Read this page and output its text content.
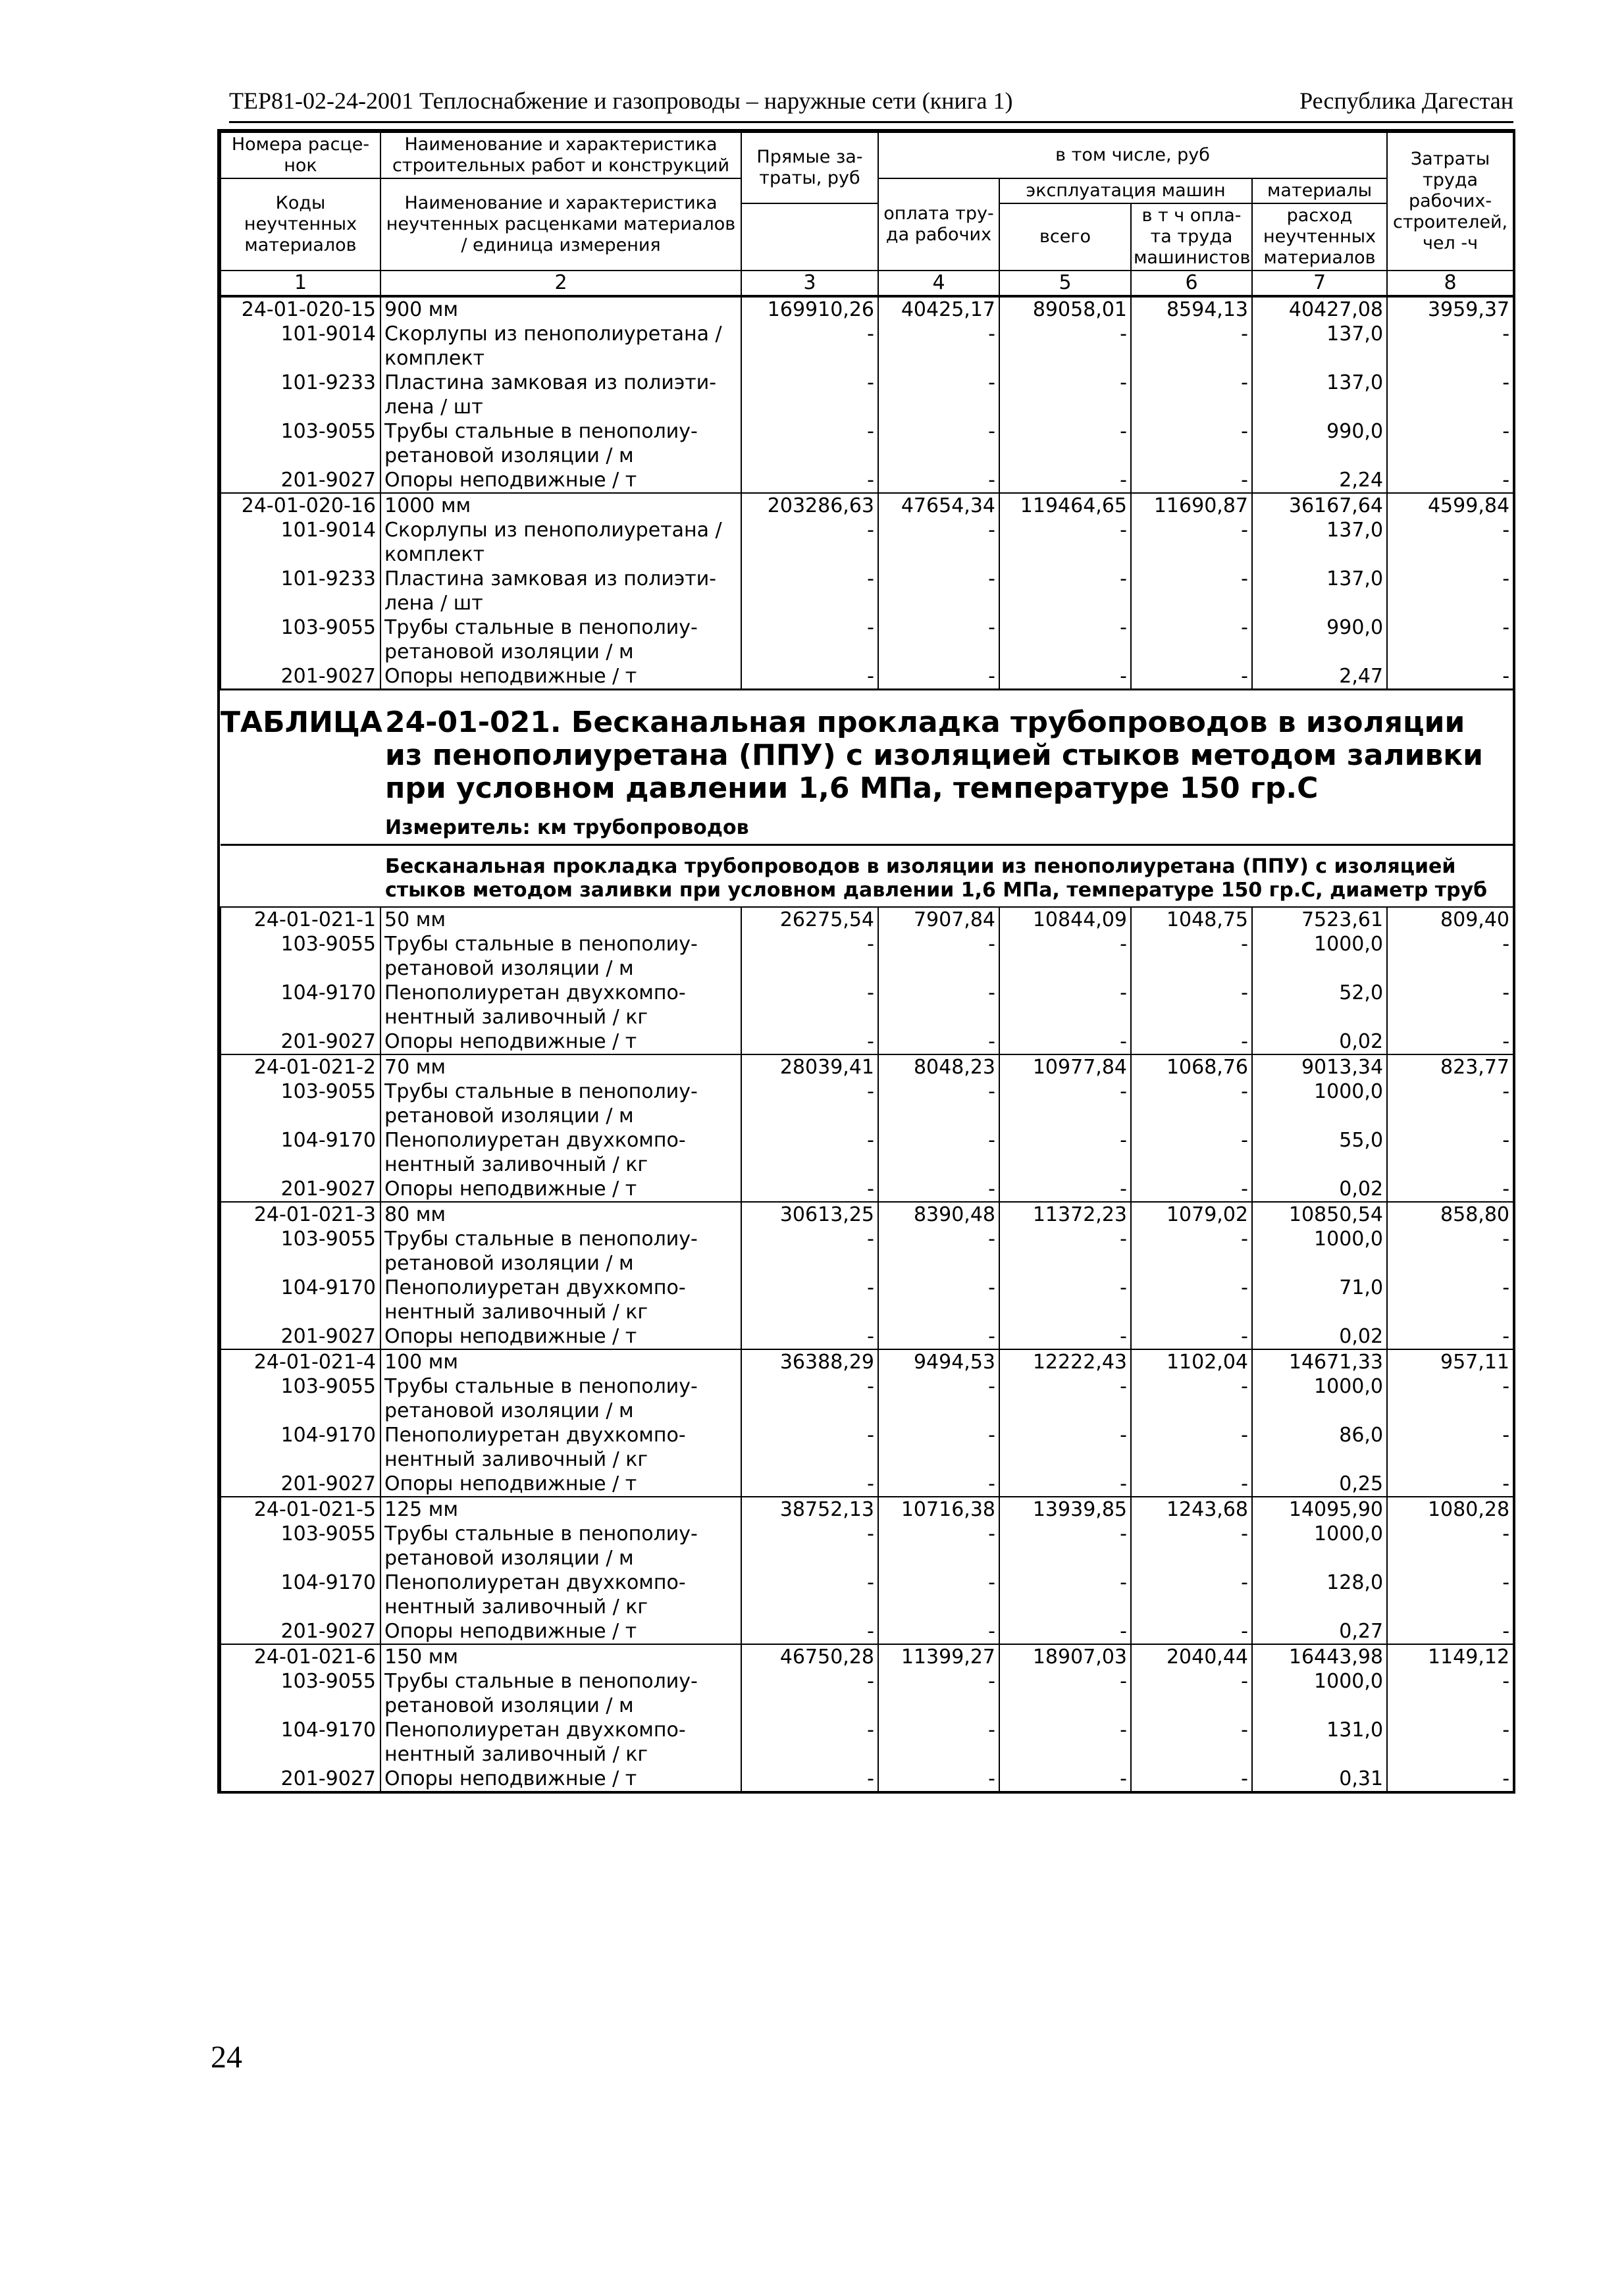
ТЕР81-02-24-2001 Теплоснабжение и газопроводы – наружные сети (книга 1)	Республика Дагестан
Номера расце-нок	Наименование и характеристика строительных работ и конструкций	Прямые за-траты, руб	в том числе, руб				Затраты труда рабочих-строителей, чел -ч
Коды неучтенных материалов	Наименование и характеристика неучтенных расценками материалов / единица измерения		оплата тру-да рабочих	эксплуатация машин		материалы	
				всего	в т ч опла-та труда машинистов	расход неучтенных материалов	

1	2	3	4	5	6	7	8
24-01-020-15	900 мм	169910,26	40425,17	89058,01	8594,13	40427,08	3959,37
101-9014	Скорлупы из пенополиуретана / комплект	-	-	-	-	137,0	-
101-9233	Пластина замковая из полиэти-лена / шт	-	-	-	-	137,0	-
103-9055	Трубы стальные в пенополиу-ретановой изоляции / м	-	-	-	-	990,0	-
201-9027	Опоры неподвижные / т	-	-	-	-	2,24	-
24-01-020-16	1000 мм	203286,63	47654,34	119464,65	11690,87	36167,64	4599,84
101-9014	Скорлупы из пенополиуретана / комплект	-	-	-	-	137,0	-
101-9233	Пластина замковая из полиэти-лена / шт	-	-	-	-	137,0	-
103-9055	Трубы стальные в пенополиу-ретановой изоляции / м	-	-	-	-	990,0	-
201-9027	Опоры неподвижные / т	-	-	-	-	2,47	-

ТАБЛИЦА 24-01-021. Бесканальная прокладка трубопроводов в изоляции из пенополиуретана (ППУ) с изоляцией стыков методом заливки при условном давлении 1,6 МПа, температуре 150 гр.С
Измеритель: км трубопроводов							

Бесканальная прокладка трубопроводов в изоляции из пенополиуретана (ППУ) с изоляцией стыков методом заливки при условном давлении 1,6 МПа, температуре 150 гр.С, диаметр труб							
24-01-021-1	50 мм	26275,54	7907,84	10844,09	1048,75	7523,61	809,40
103-9055	Трубы стальные в пенополиу-ретановой изоляции / м	-	-	-	-	1000,0	-
104-9170	Пенополиуретан двухкомпо-нентный заливочный / кг	-	-	-	-	52,0	-
201-9027	Опоры неподвижные / т	-	-	-	-	0,02	-
24-01-021-2	70 мм	28039,41	8048,23	10977,84	1068,76	9013,34	823,77
103-9055	Трубы стальные в пенополиу-ретановой изоляции / м	-	-	-	-	1000,0	-
104-9170	Пенополиуретан двухкомпо-нентный заливочный / кг	-	-	-	-	55,0	-
201-9027	Опоры неподвижные / т	-	-	-	-	0,02	-
24-01-021-3	80 мм	30613,25	8390,48	11372,23	1079,02	10850,54	858,80
103-9055	Трубы стальные в пенополиу-ретановой изоляции / м	-	-	-	-	1000,0	-
104-9170	Пенополиуретан двухкомпо-нентный заливочный / кг	-	-	-	-	71,0	-
201-9027	Опоры неподвижные / т	-	-	-	-	0,02	-
24-01-021-4	100 мм	36388,29	9494,53	12222,43	1102,04	14671,33	957,11
103-9055	Трубы стальные в пенополиу-ретановой изоляции / м	-	-	-	-	1000,0	-
104-9170	Пенополиуретан двухкомпо-нентный заливочный / кг	-	-	-	-	86,0	-
201-9027	Опоры неподвижные / т	-	-	-	-	0,25	-
24-01-021-5	125 мм	38752,13	10716,38	13939,85	1243,68	14095,90	1080,28
103-9055	Трубы стальные в пенополиу-ретановой изоляции / м	-	-	-	-	1000,0	-
104-9170	Пенополиуретан двухкомпо-нентный заливочный / кг	-	-	-	-	128,0	-
201-9027	Опоры неподвижные / т	-	-	-	-	0,27	-
24-01-021-6	150 мм	46750,28	11399,27	18907,03	2040,44	16443,98	1149,12
103-9055	Трубы стальные в пенополиу-ретановой изоляции / м	-	-	-	-	1000,0	-
104-9170	Пенополиуретан двухкомпо-нентный заливочный / кг	-	-	-	-	131,0	-
201-9027	Опоры неподвижные / т	-	-	-	-	0,31	-
24
